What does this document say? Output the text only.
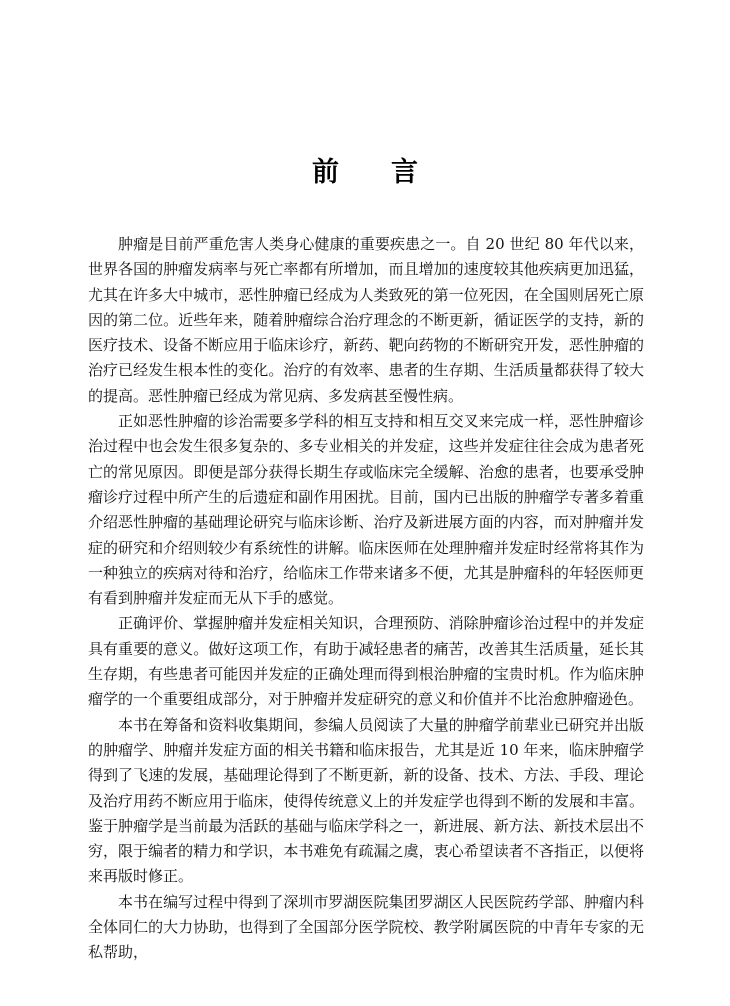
前 言

肿瘤是目前严重危害人类身心健康的重要疾患之一。自 20 世纪 80 年代以来，世界各国的肿瘤发病率与死亡率都有所增加，而且增加的速度较其他疾病更加迅猛，尤其在许多大中城市，恶性肿瘤已经成为人类致死的第一位死因，在全国则居死亡原因的第二位。近些年来，随着肿瘤综合治疗理念的不断更新，循证医学的支持，新的医疗技术、设备不断应用于临床诊疗，新药、靶向药物的不断研究开发，恶性肿瘤的治疗已经发生根本性的变化。治疗的有效率、患者的生存期、生活质量都获得了较大的提高。恶性肿瘤已经成为常见病、多发病甚至慢性病。

正如恶性肿瘤的诊治需要多学科的相互支持和相互交叉来完成一样，恶性肿瘤诊治过程中也会发生很多复杂的、多专业相关的并发症，这些并发症往往会成为患者死亡的常见原因。即便是部分获得长期生存或临床完全缓解、治愈的患者，也要承受肿瘤诊疗过程中所产生的后遗症和副作用困扰。目前，国内已出版的肿瘤学专著多着重介绍恶性肿瘤的基础理论研究与临床诊断、治疗及新进展方面的内容，而对肿瘤并发症的研究和介绍则较少有系统性的讲解。临床医师在处理肿瘤并发症时经常将其作为一种独立的疾病对待和治疗，给临床工作带来诸多不便，尤其是肿瘤科的年轻医师更有看到肿瘤并发症而无从下手的感觉。

正确评价、掌握肿瘤并发症相关知识，合理预防、消除肿瘤诊治过程中的并发症具有重要的意义。做好这项工作，有助于减轻患者的痛苦，改善其生活质量，延长其生存期，有些患者可能因并发症的正确处理而得到根治肿瘤的宝贵时机。作为临床肿瘤学的一个重要组成部分，对于肿瘤并发症研究的意义和价值并不比治愈肿瘤逊色。

本书在筹备和资料收集期间，参编人员阅读了大量的肿瘤学前辈业已研究并出版的肿瘤学、肿瘤并发症方面的相关书籍和临床报告，尤其是近 10 年来，临床肿瘤学得到了飞速的发展，基础理论得到了不断更新，新的设备、技术、方法、手段、理论及治疗用药不断应用于临床，使得传统意义上的并发症学也得到不断的发展和丰富。鉴于肿瘤学是当前最为活跃的基础与临床学科之一，新进展、新方法、新技术层出不穷，限于编者的精力和学识，本书难免有疏漏之虞，衷心希望读者不吝指正，以便将来再版时修正。

本书在编写过程中得到了深圳市罗湖医院集团罗湖区人民医院药学部、肿瘤内科全体同仁的大力协助，也得到了全国部分医学院校、教学附属医院的中青年专家的无私帮助，
